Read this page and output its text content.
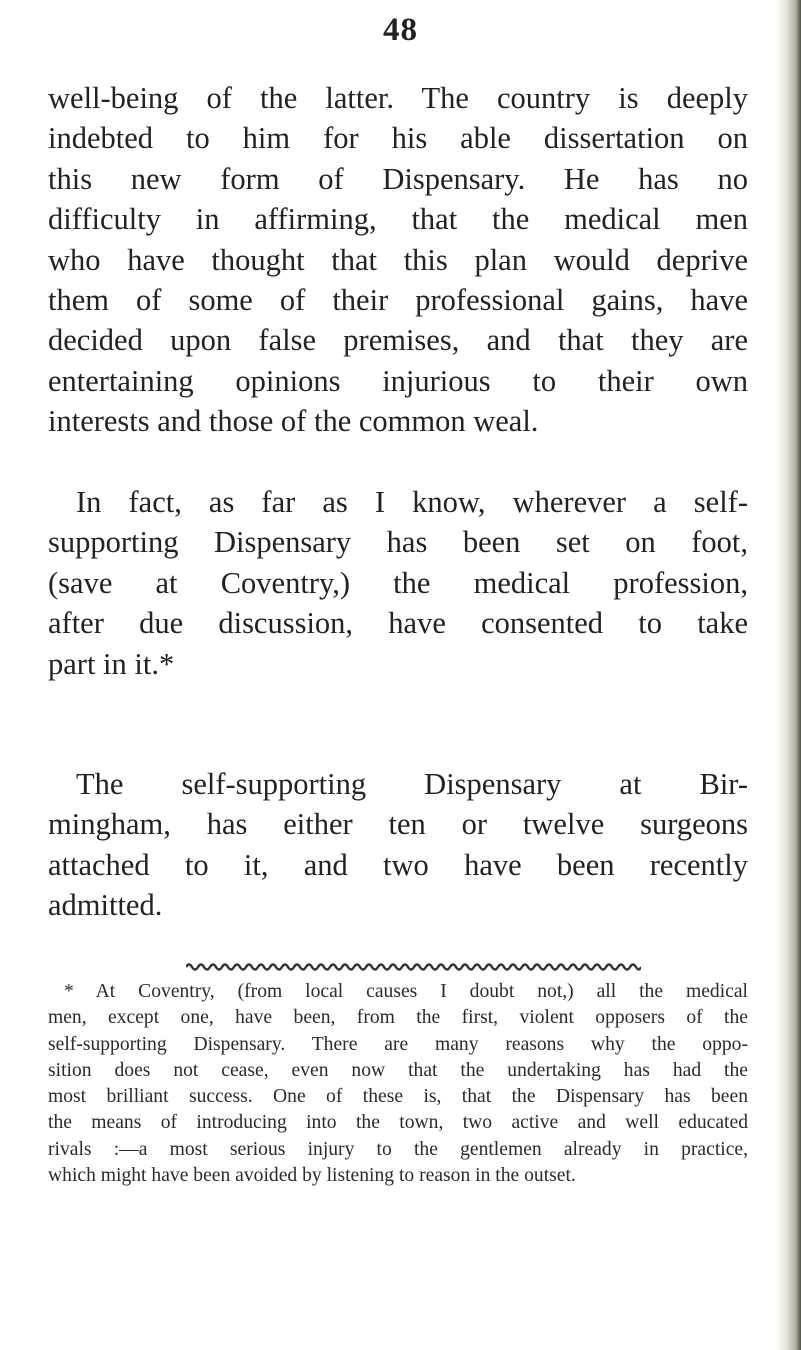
48
well-being of the latter. The country is deeply
indebted to him for his able dissertation on
this new form of Dispensary. He has no
difficulty in affirming, that the medical men
who have thought that this plan would deprive
them of some of their professional gains, have
decided upon false premises, and that they are
entertaining opinions injurious to their own
interests and those of the common weal.
In fact, as far as I know, wherever a self-
supporting Dispensary has been set on foot,
(save at Coventry,) the medical profession,
after due discussion, have consented to take
part in it.*
The self-supporting Dispensary at Bir-
mingham, has either ten or twelve surgeons
attached to it, and two have been recently
admitted.
* At Coventry, (from local causes I doubt not,) all the medical
men, except one, have been, from the first, violent opposers of the
self-supporting Dispensary. There are many reasons why the oppo-
sition does not cease, even now that the undertaking has had the
most brilliant success. One of these is, that the Dispensary has been
the means of introducing into the town, two active and well educated
rivals :—a most serious injury to the gentlemen already in practice,
which might have been avoided by listening to reason in the outset.
